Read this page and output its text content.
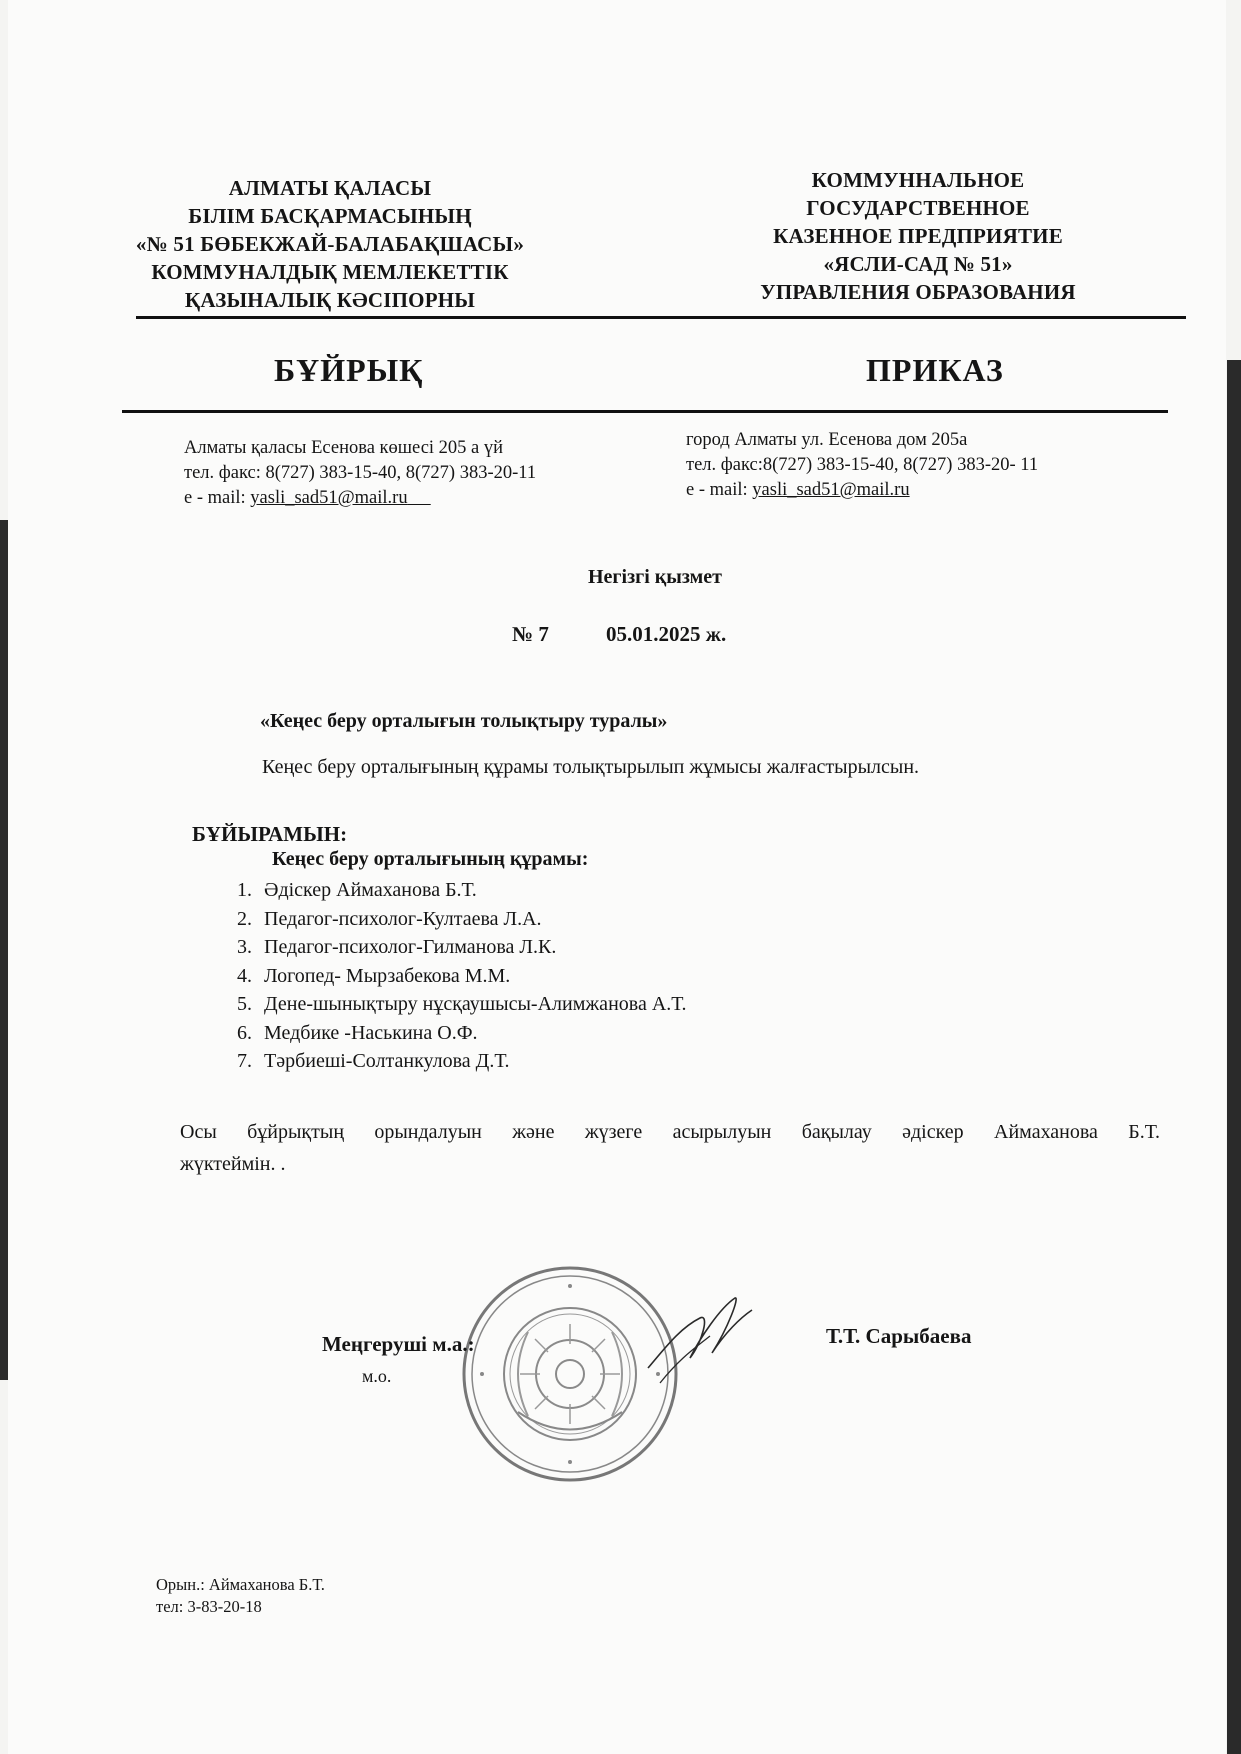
АЛМАТЫ ҚАЛАСЫ
БІЛІМ БАСҚАРМАСЫНЫҢ
«№ 51 БӨБЕКЖАЙ-БАЛАБАҚШАСЫ»
КОММУНАЛДЫҚ МЕМЛЕКЕТТІК
ҚАЗЫНАЛЫҚ КӘСІПОРНЫ
КОММУННАЛЬНОЕ
ГОСУДАРСТВЕННОЕ
КАЗЕННОЕ ПРЕДПРИЯТИЕ
«ЯСЛИ-САД № 51»
УПРАВЛЕНИЯ ОБРАЗОВАНИЯ
БҰЙРЫҚ	ПРИКАЗ
Алматы қаласы Есенова көшесі 205 а үй
тел. факс: 8(727) 383-15-40, 8(727) 383-20-11
e - mail: yasli_sad51@mail.ru
город Алматы ул. Есенова дом 205а
тел. факс:8(727) 383-15-40, 8(727) 383-20- 11
e - mail: yasli_sad51@mail.ru
Негізгі қызмет
№ 7	05.01.2025 ж.
«Кеңес беру орталығын толықтыру туралы»
Кеңес беру орталығының құрамы толықтырылып жұмысы жалғастырылсын.
БҰЙЫРАМЫН:
Кеңес беру орталығының құрамы:
1. Әдіскер Аймаханова Б.Т.
2. Педагог-психолог-Култаева Л.А.
3. Педагог-психолог-Гилманова Л.К.
4. Логопед- Мырзабекова М.М.
5. Дене-шынықтыру нұсқаушысы-Алимжанова А.Т.
6. Медбике -Наськина О.Ф.
7. Тәрбиеші-Солтанкулова Д.Т.
Осы бұйрықтың орындалуын және жүзеге асырылуын бақылау әдіскер Аймаханова Б.Т.
жүктеймін. .
Меңгеруші м.а.:
м.о.
Т.Т. Сарыбаева
Орын.: Аймаханова Б.Т.
тел: 3-83-20-18
